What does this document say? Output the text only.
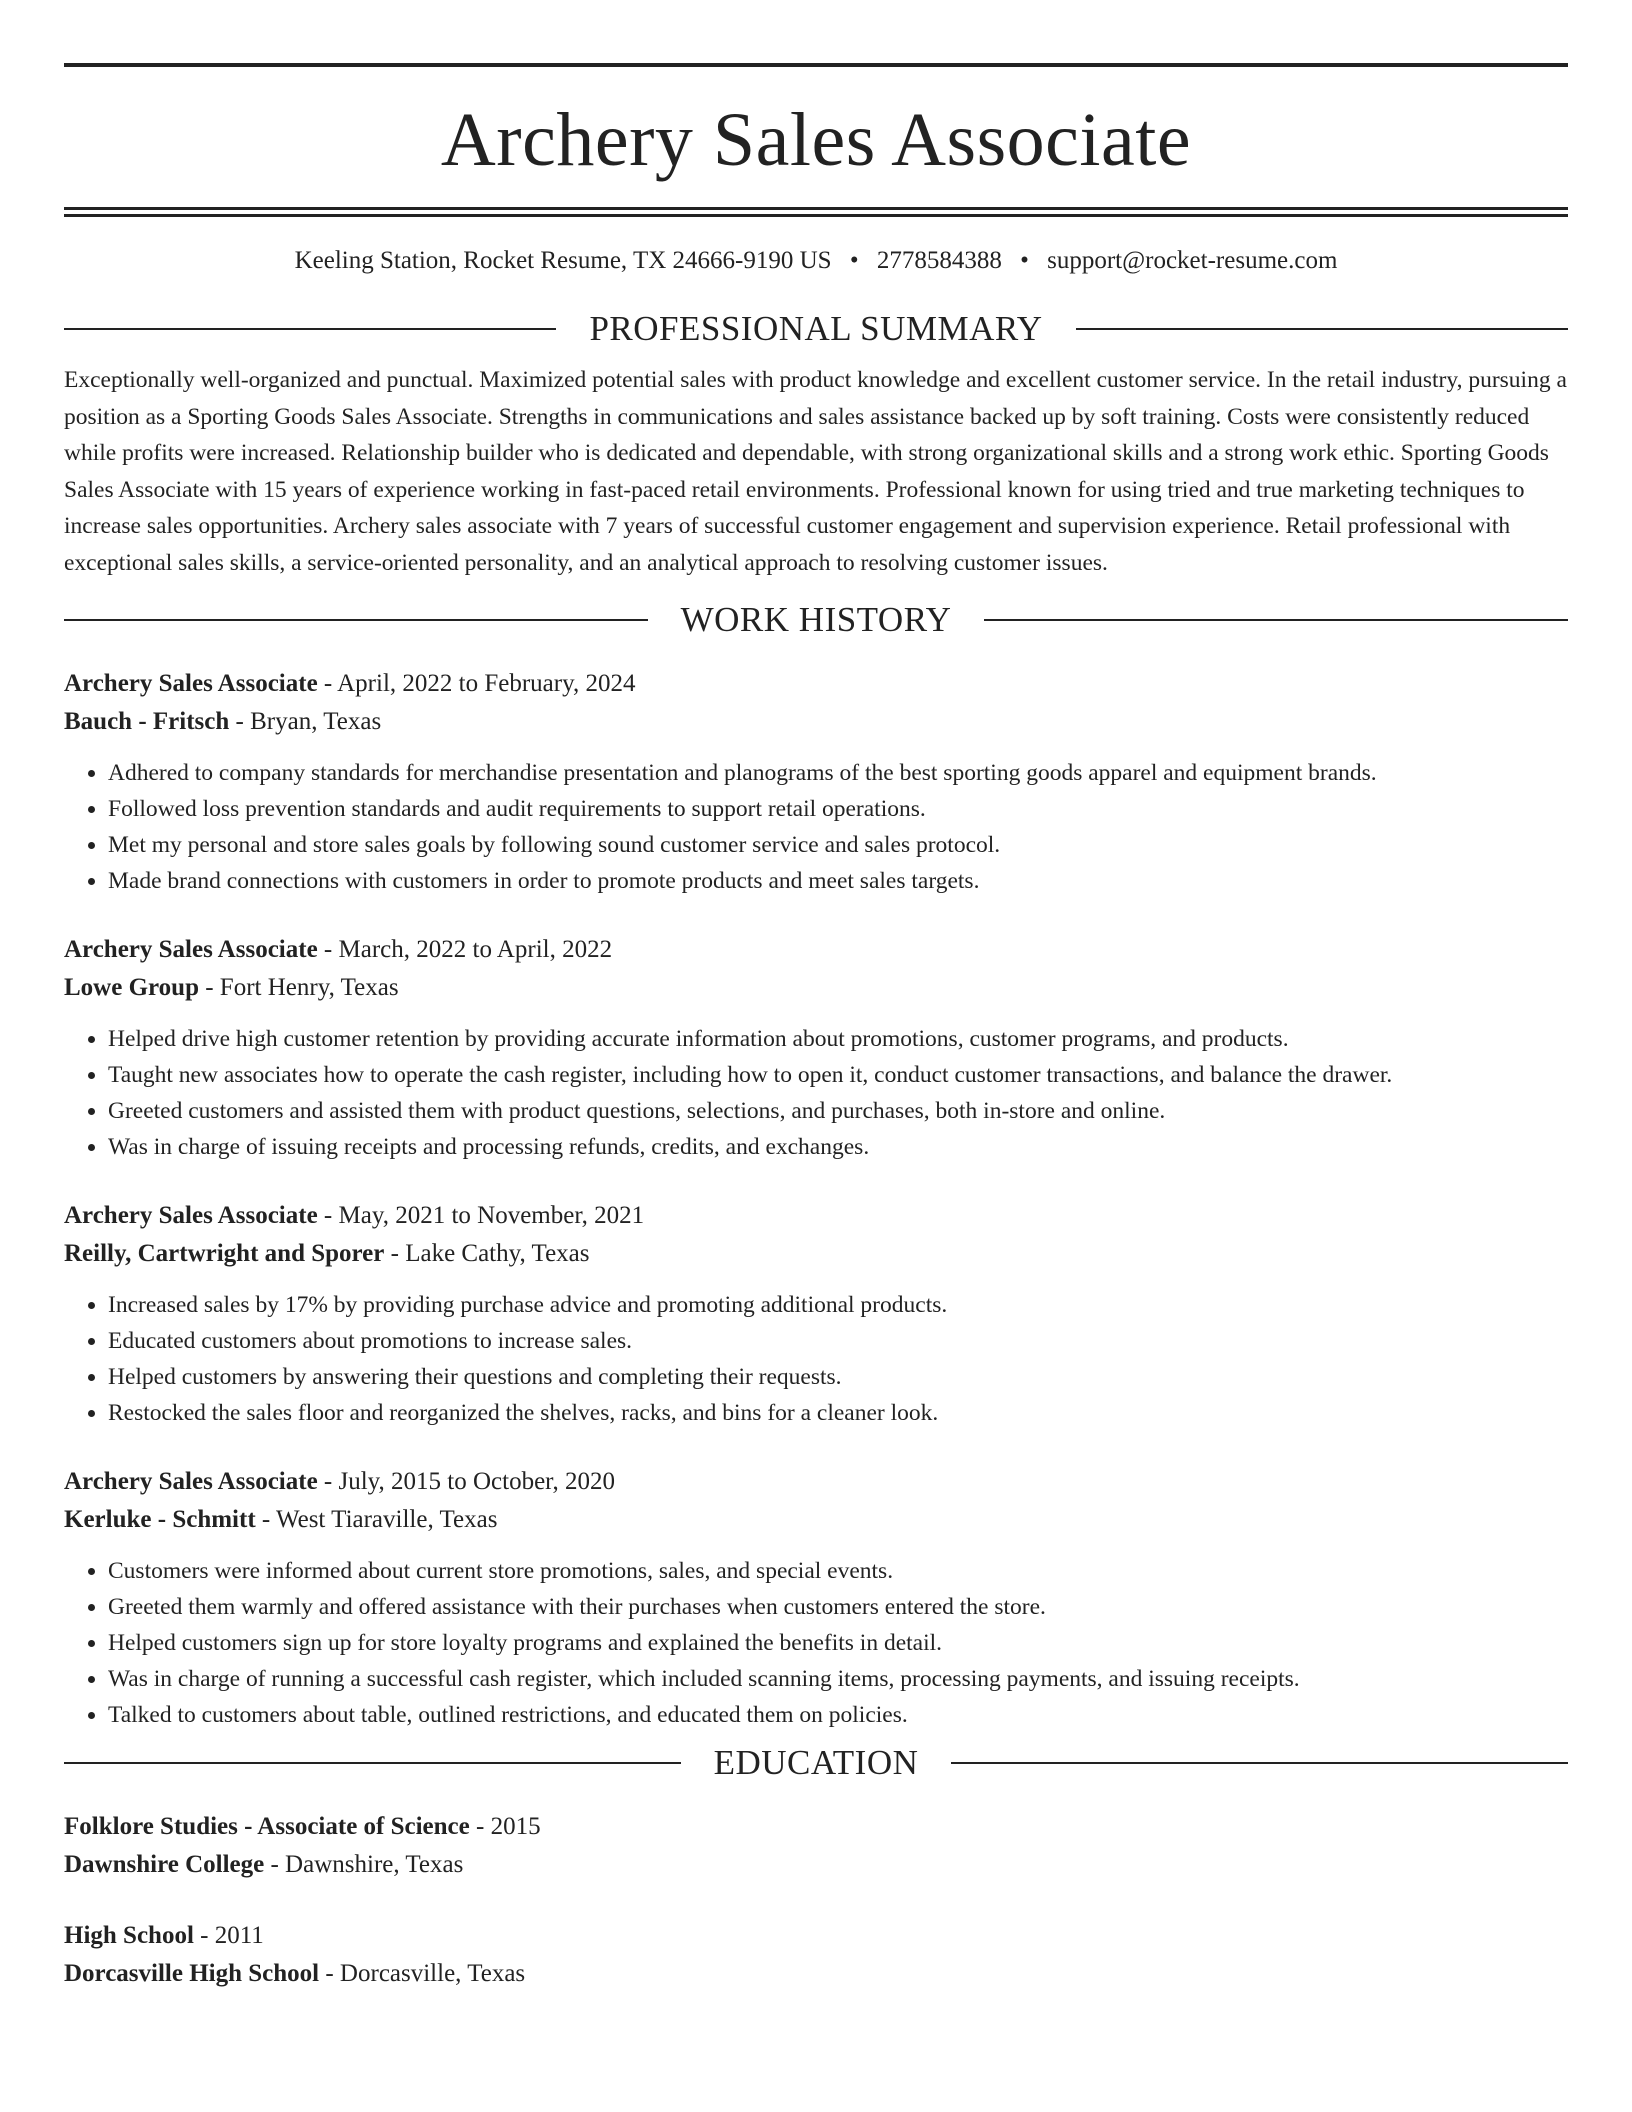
Archery Sales Associate
Keeling Station, Rocket Resume, TX 24666-9190 US • 2778584388 • support@rocket-resume.com
PROFESSIONAL SUMMARY

Exceptionally well-organized and punctual. Maximized potential sales with product knowledge and excellent customer service. In the retail industry, pursuing a position as a Sporting Goods Sales Associate. Strengths in communications and sales assistance backed up by soft training. Costs were consistently reduced while profits were increased. Relationship builder who is dedicated and dependable, with strong organizational skills and a strong work ethic. Sporting Goods Sales Associate with 15 years of experience working in fast-paced retail environments. Professional known for using tried and true marketing techniques to increase sales opportunities. Archery sales associate with 7 years of successful customer engagement and supervision experience. Retail professional with exceptional sales skills, a service-oriented personality, and an analytical approach to resolving customer issues.

WORK HISTORY
Archery Sales Associate - April, 2022 to February, 2024
Bauch - Fritsch - Bryan, Texas
• Adhered to company standards for merchandise presentation and planograms of the best sporting goods apparel and equipment brands.
• Followed loss prevention standards and audit requirements to support retail operations.
• Met my personal and store sales goals by following sound customer service and sales protocol.
• Made brand connections with customers in order to promote products and meet sales targets.
Archery Sales Associate - March, 2022 to April, 2022
Lowe Group - Fort Henry, Texas
• Helped drive high customer retention by providing accurate information about promotions, customer programs, and products.
• Taught new associates how to operate the cash register, including how to open it, conduct customer transactions, and balance the drawer.
• Greeted customers and assisted them with product questions, selections, and purchases, both in-store and online.
• Was in charge of issuing receipts and processing refunds, credits, and exchanges.
Archery Sales Associate - May, 2021 to November, 2021
Reilly, Cartwright and Sporer - Lake Cathy, Texas
• Increased sales by 17% by providing purchase advice and promoting additional products.
• Educated customers about promotions to increase sales.
• Helped customers by answering their questions and completing their requests.
• Restocked the sales floor and reorganized the shelves, racks, and bins for a cleaner look.
Archery Sales Associate - July, 2015 to October, 2020
Kerluke - Schmitt - West Tiaraville, Texas
• Customers were informed about current store promotions, sales, and special events.
• Greeted them warmly and offered assistance with their purchases when customers entered the store.
• Helped customers sign up for store loyalty programs and explained the benefits in detail.
• Was in charge of running a successful cash register, which included scanning items, processing payments, and issuing receipts.
• Talked to customers about table, outlined restrictions, and educated them on policies.
EDUCATION
Folklore Studies - Associate of Science - 2015
Dawnshire College - Dawnshire, Texas
High School - 2011
Dorcasville High School - Dorcasville, Texas
